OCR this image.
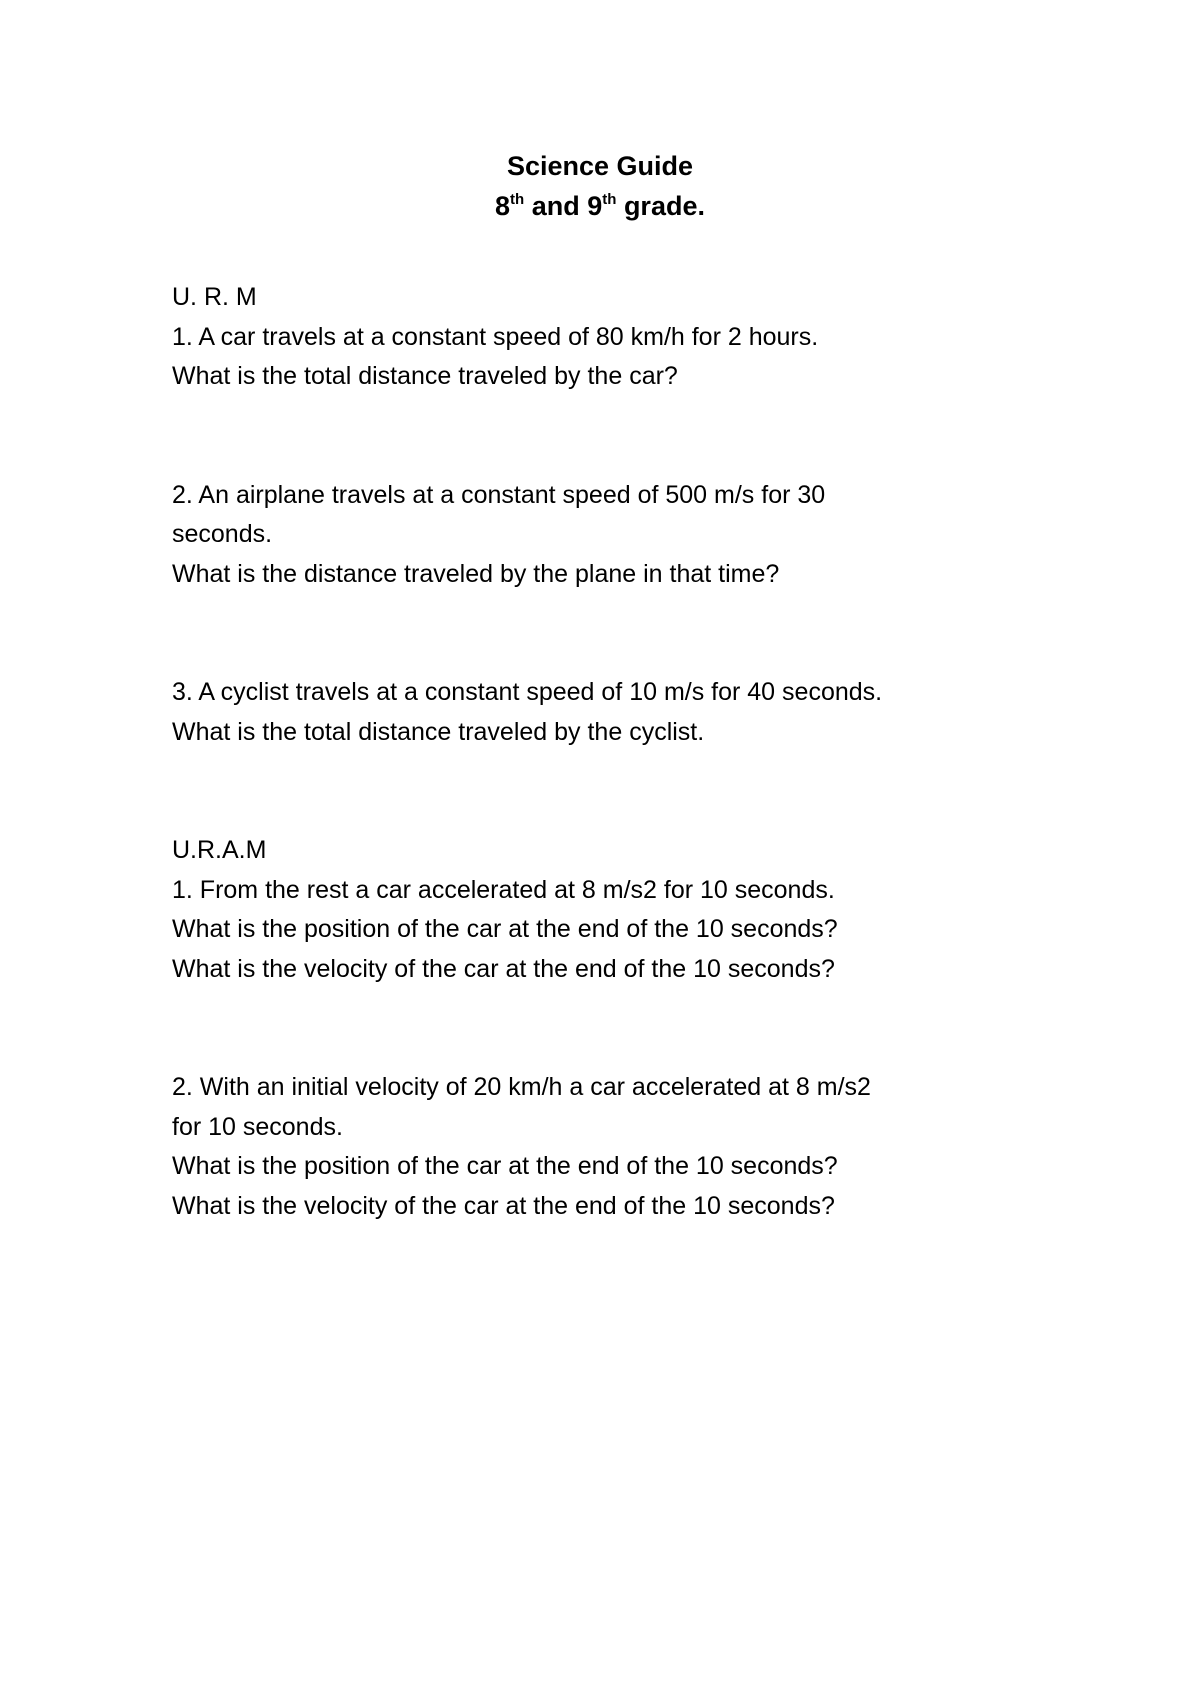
Science Guide
8th and 9th grade.
U. R. M
1. A car travels at a constant speed of 80 km/h for 2 hours.
What is the total distance traveled by the car?
2. An airplane travels at a constant speed of 500 m/s for 30
seconds.
What is the distance traveled by the plane in that time?
3. A cyclist travels at a constant speed of 10 m/s for 40 seconds.
What is the total distance traveled by the cyclist.
U.R.A.M
1. From the rest a car accelerated at 8 m/s2 for 10 seconds.
What is the position of the car at the end of the 10 seconds?
What is the velocity of the car at the end of the 10 seconds?
2. With an initial velocity of 20 km/h a car accelerated at 8 m/s2
for 10 seconds.
What is the position of the car at the end of the 10 seconds?
What is the velocity of the car at the end of the 10 seconds?
